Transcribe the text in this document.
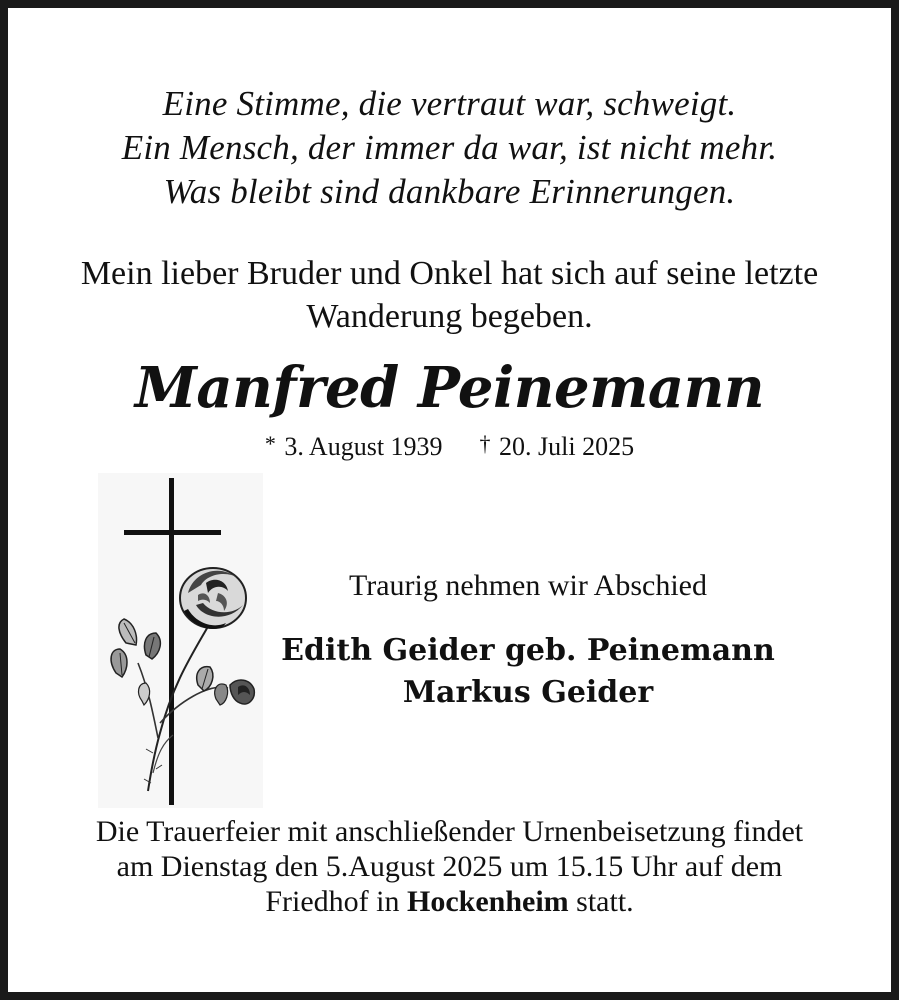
Eine Stimme, die vertraut war, schweigt.
Ein Mensch, der immer da war, ist nicht mehr.
Was bleibt sind dankbare Erinnerungen.
Mein lieber Bruder und Onkel hat sich auf seine letzte
Wanderung begeben.
Manfred Peinemann
* 3. August 1939 † 20. Juli 2025
Traurig nehmen wir Abschied
Edith Geider geb. Peinemann
Markus Geider
Die Trauerfeier mit anschließender Urnenbeisetzung findet
am Dienstag den 5.August 2025 um 15.15 Uhr auf dem
Friedhof in Hockenheim statt.
